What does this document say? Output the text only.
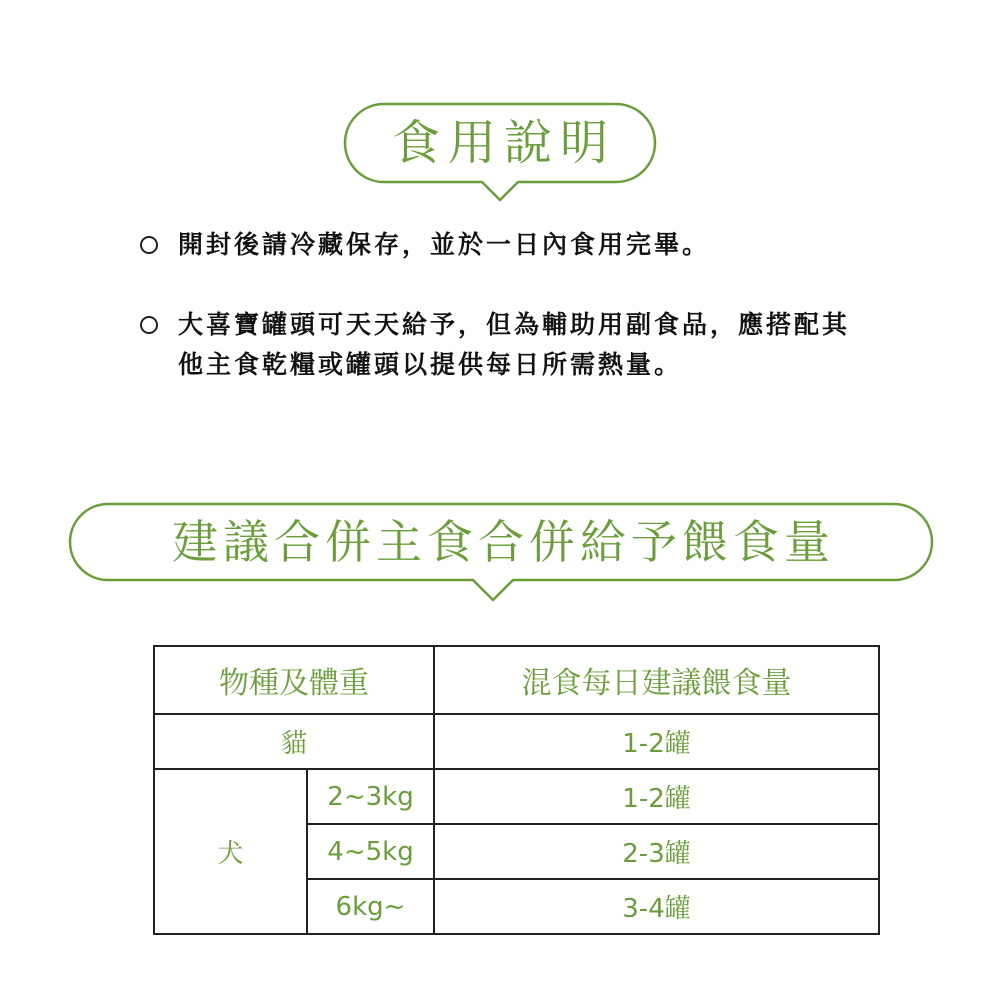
食用說明
開封後請冷藏保存，並於一日內食用完畢。
大喜寶罐頭可天天給予，但為輔助用副食品，應搭配其他主食乾糧或罐頭以提供每日所需熱量。
建議合併主食合併給予餵食量
物種及體重		混食每日建議餵食量
貓		1-2罐
犬	2~3kg	1-2罐
	4~5kg	2-3罐
	6kg~	3-4罐
